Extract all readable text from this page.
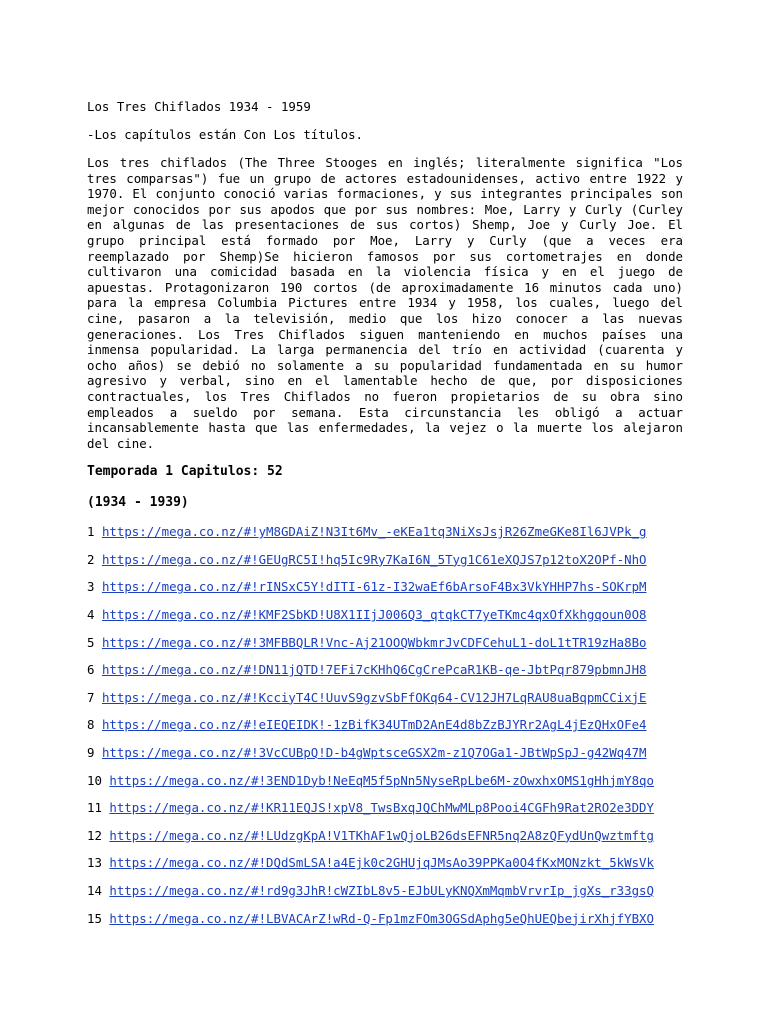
Los Tres Chiflados 1934 - 1959

-Los capítulos están Con Los títulos.

Los tres chiflados (The Three Stooges en inglés; literalmente significa "Los tres comparsas") fue un grupo de actores estadounidenses, activo entre 1922 y 1970. El conjunto conoció varias formaciones, y sus integrantes principales son mejor conocidos por sus apodos que por sus nombres: Moe, Larry y Curly (Curley en algunas de las presentaciones de sus cortos) Shemp, Joe y Curly Joe. El grupo principal está formado por Moe, Larry y Curly (que a veces era reemplazado por Shemp)Se hicieron famosos por sus cortometrajes en donde cultivaron una comicidad basada en la violencia física y en el juego de apuestas. Protagonizaron 190 cortos (de aproximadamente 16 minutos cada uno) para la empresa Columbia Pictures entre 1934 y 1958, los cuales, luego del cine, pasaron a la televisión, medio que los hizo conocer a las nuevas generaciones. Los Tres Chiflados siguen manteniendo en muchos países una inmensa popularidad. La larga permanencia del trío en actividad (cuarenta y ocho años) se debió no solamente a su popularidad fundamentada en su humor agresivo y verbal, sino en el lamentable hecho de que, por disposiciones contractuales, los Tres Chiflados no fueron propietarios de su obra sino empleados a sueldo por semana. Esta circunstancia les obligó a actuar incansablemente hasta que las enfermedades, la vejez o la muerte los alejaron del cine.

Temporada 1 Capitulos: 52

(1934 - 1939)

1 https://mega.co.nz/#!yM8GDAiZ!N3It6Mv_-eKEa1tq3NiXsJsjR26ZmeGKe8Il6JVPk_g
2 https://mega.co.nz/#!GEUgRC5I!hq5Ic9Ry7KaI6N_5Tyg1C61eXQJS7p12toX2OPf-NhO
3 https://mega.co.nz/#!rINSxC5Y!dITI-61z-I32waEf6bArsoF4Bx3VkYHHP7hs-SOKrpM
4 https://mega.co.nz/#!KMF2SbKD!U8X1IIjJ006Q3_qtqkCT7yeTKmc4qxOfXkhgqoun0O8
5 https://mega.co.nz/#!3MFBBQLR!Vnc-Aj21OOQWbkmrJvCDFCehuL1-doL1tTR19zHa8Bo
6 https://mega.co.nz/#!DN11jQTD!7EFi7cKHhQ6CgCrePcaR1KB-qe-JbtPqr879pbmnJH8
7 https://mega.co.nz/#!KcciyT4C!UuvS9gzvSbFfOKq64-CV12JH7LqRAU8uaBqpmCCixjE
8 https://mega.co.nz/#!eIEQEIDK!-1zBifK34UTmD2AnE4d8bZzBJYRr2AgL4jEzQHxOFe4
9 https://mega.co.nz/#!3VcCUBpQ!D-b4gWptsceGSX2m-z1Q7OGa1-JBtWpSpJ-g42Wq47M
10 https://mega.co.nz/#!3END1Dyb!NeEqM5f5pNn5NyseRpLbe6M-zOwxhxOMS1gHhjmY8qo
11 https://mega.co.nz/#!KR11EQJS!xpV8_TwsBxqJQChMwMLp8Pooi4CGFh9Rat2RO2e3DDY
12 https://mega.co.nz/#!LUdzgKpA!V1TKhAF1wQjoLB26dsEFNR5nq2A8zQFydUnQwztmftg
13 https://mega.co.nz/#!DQdSmLSA!a4Ejk0c2GHUjqJMsAo39PPKa0O4fKxMONzkt_5kWsVk
14 https://mega.co.nz/#!rd9g3JhR!cWZIbL8v5-EJbULyKNQXmMqmbVrvrIp_jgXs_r33gsQ
15 https://mega.co.nz/#!LBVACArZ!wRd-Q-Fp1mzFOm3OGSdAphg5eQhUEQbejirXhjfYBXO
